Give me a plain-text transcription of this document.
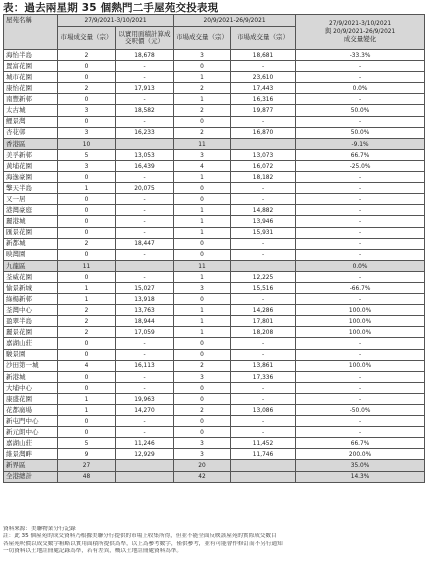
表：過去兩星期 35 個熱門二手屋苑交投表現
屋苑名稱	27/9/2021-3/10/2021		20/9/2021-26/9/2021		27/9/2021-3/10/2021
與 20/9/2021-26/9/2021
成交量變化

	市場成交量（宗）	以實用面積計算成交呎價（元）	市場成交量（宗）	市場成交量（宗）	
海怡半島	2	18,678	3	18,681	-33.3%
置富花園	0	-	0	-	-
城市花園	0	-	1	23,610	-
康怡花園	2	17,913	2	17,443	0.0%
南豐新邨	0	-	1	16,316	-
太古城	3	18,582	2	19,877	50.0%
鯉景灣	0	-	0	-	-
杏花邨	3	16,233	2	16,870	50.0%
香港區	10		11		-9.1%
美孚新邨	5	13,053	3	13,073	66.7%
黃埔花園	3	16,439	4	16,072	-25.0%
海逸豪園	0	-	1	18,182	-
擎天半島	1	20,075	0	-	-
又一居	0	-	0	-	-
港灣豪庭	0	-	1	14,882	-
麗港城	0	-	1	13,946	-
匯景花園	0	-	1	15,931	-
新都城	2	18,447	0	-	-
映灣園	0	-	0	-	-
九龍區	11		11		0.0%
荃威花園	0	-	1	12,225	-
愉景新城	1	15,027	3	15,516	-66.7%
綠楊新邨	1	13,918	0	-	-
荃灣中心	2	13,763	1	14,286	100.0%
盈翠半島	2	18,944	1	17,801	100.0%
麗景花園	2	17,059	1	18,208	100.0%
嘉湖山莊	0	-	0	-	-
駿景園	0	-	0	-	-
沙田第一城	4	16,113	2	13,861	100.0%
新港城	0	-	3	17,336	-
大埔中心	0	-	0	-	-
康盛花園	1	19,963	0	-	-
花都廣場	1	14,270	2	13,086	-50.0%
新屯門中心	0	-	0	-	-
新元朗中心	0	-	0	-	-
嘉湖山莊	5	11,246	3	11,452	66.7%
維景灣畔	9	12,929	3	11,746	200.0%
新界區	27		20		35.0%
全港總計	48		42		14.3%
資料來源：美聯物業分行記錄
註：此 35 個屋苑的成交資料乃根據美聯分行提供的市場上收集所得，但並不能全面反映該屋苑的實際成交數目
各屋苑呎價以成交數字粗略以實用面積所提供為準，以上為參考數字，僅供參考，並有可能會作修訂而不另行通知
一切資料以土地註冊處記錄為準，若有差異，概以土地註冊處資料為準。
